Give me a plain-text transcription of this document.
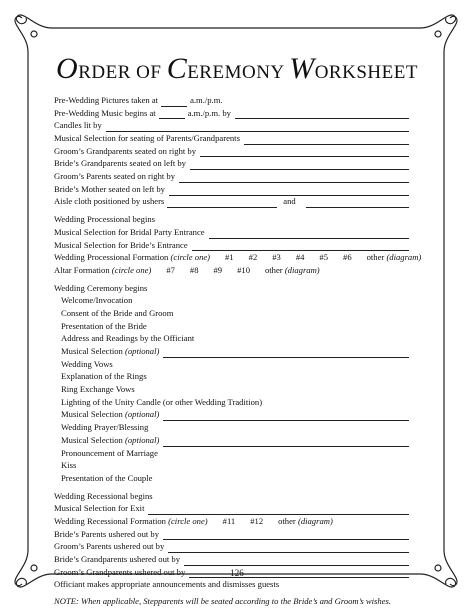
ORDER OF CEREMONY WORKSHEET
Pre-Wedding Pictures taken at	a.m./p.m.
Pre-Wedding Music begins at	a.m./p.m. by
Candles lit by
Musical Selection for seating of Parents/Grandparents
Groom’s Grandparents seated on right by
Bride’s Grandparents seated on left by
Groom’s Parents seated on right by
Bride’s Mother seated on left by
Aisle cloth positioned by ushers	and
Wedding Processional begins
Musical Selection for Bridal Party Entrance
Musical Selection for Bride’s Entrance
Wedding Processional Formation (circle one) #1 #2 #3 #4 #5 #6 other (diagram)
Altar Formation (circle one) #7 #8 #9 #10 other (diagram)
Wedding Ceremony begins
Welcome/Invocation
Consent of the Bride and Groom
Presentation of the Bride
Address and Readings by the Officiant
Musical Selection
(optional)
Wedding Vows
Explanation of the Rings
Ring Exchange Vows
Lighting of the Unity Candle (or other Wedding Tradition)
Musical Selection
(optional)
Wedding Prayer/Blessing
Musical Selection
(optional)
Pronouncement of Marriage
Kiss
Presentation of the Couple
Wedding Recessional begins
Musical Selection for Exit
Wedding Recessional Formation (circle one) #11 #12 other (diagram)
Bride’s Parents ushered out by
Groom’s Parents ushered out by
Bride’s Grandparents ushered out by
Groom’s Grandparents ushered out by
Officiant makes appropriate announcements and dismisses guests
NOTE: When applicable, Stepparents will be seated according to the Bride’s and Groom’s wishes.
126
